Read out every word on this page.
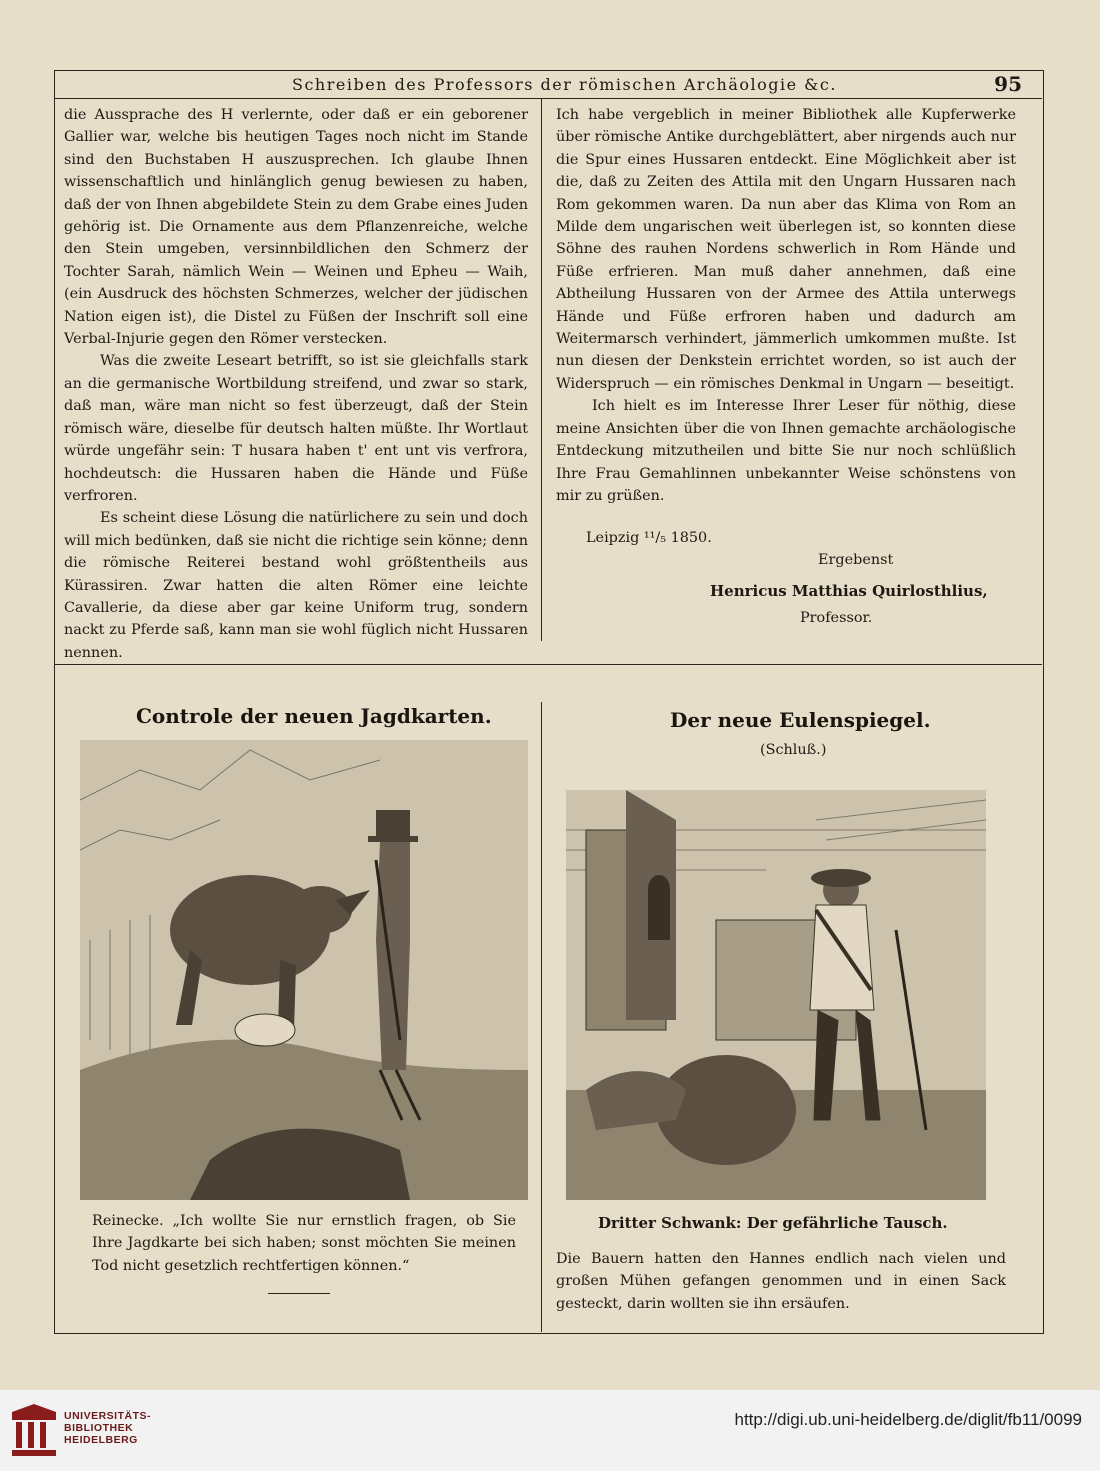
Schreiben des Professors der römischen Archäologie &c.	95

die Aussprache des H verlernte, oder daß er ein geborener Gallier war, welche bis heutigen Tages noch nicht im Stande sind den Buchstaben H auszusprechen. Ich glaube Ihnen wissenschaftlich und hinlänglich genug bewiesen zu haben, daß der von Ihnen abgebildete Stein zu dem Grabe eines Juden gehörig ist. Die Ornamente aus dem Pflanzenreiche, welche den Stein umgeben, versinnbildlichen den Schmerz der Tochter Sarah, nämlich Wein — Weinen und Epheu — Waih, (ein Ausdruck des höchsten Schmerzes, welcher der jüdischen Nation eigen ist), die Distel zu Füßen der Inschrift soll eine Verbal-Injurie gegen den Römer verstecken.

Was die zweite Leseart betrifft, so ist sie gleichfalls stark an die germanische Wortbildung streifend, und zwar so stark, daß man, wäre man nicht so fest überzeugt, daß der Stein römisch wäre, dieselbe für deutsch halten müßte. Ihr Wortlaut würde ungefähr sein: T husara haben t' ent unt vis verfrora, hochdeutsch: die Hussaren haben die Hände und Füße verfroren.

Es scheint diese Lösung die natürlichere zu sein und doch will mich bedünken, daß sie nicht die richtige sein könne; denn die römische Reiterei bestand wohl größtentheils aus Kürassiren. Zwar hatten die alten Römer eine leichte Cavallerie, da diese aber gar keine Uniform trug, sondern nackt zu Pferde saß, kann man sie wohl füglich nicht Hussaren nennen.

Ich habe vergeblich in meiner Bibliothek alle Kupferwerke über römische Antike durchgeblättert, aber nirgends auch nur die Spur eines Hussaren entdeckt. Eine Möglichkeit aber ist die, daß zu Zeiten des Attila mit den Ungarn Hussaren nach Rom gekommen waren. Da nun aber das Klima von Rom an Milde dem ungarischen weit überlegen ist, so konnten diese Söhne des rauhen Nordens schwerlich in Rom Hände und Füße erfrieren. Man muß daher annehmen, daß eine Abtheilung Hussaren von der Armee des Attila unterwegs Hände und Füße erfroren haben und dadurch am Weitermarsch verhindert, jämmerlich umkommen mußte. Ist nun diesen der Denkstein errichtet worden, so ist auch der Widerspruch — ein römisches Denkmal in Ungarn — beseitigt.

Ich hielt es im Interesse Ihrer Leser für nöthig, diese meine Ansichten über die von Ihnen gemachte archäologische Entdeckung mitzutheilen und bitte Sie nur noch schlüßlich Ihre Frau Gemahlinnen unbekannter Weise schönstens von mir zu grüßen.

Leipzig ¹¹/₅ 1850.
Ergebenst
Henricus Matthias Quirlosthlius,
Professor.
Controle der neuen Jagdkarten.
Reinecke. „Ich wollte Sie nur ernstlich fragen, ob Sie Ihre Jagdkarte bei sich haben; sonst möchten Sie meinen Tod nicht gesetzlich rechtfertigen können.“
Der neue Eulenspiegel.
(Schluß.)
Dritter Schwank: Der gefährliche Tausch.
Die Bauern hatten den Hannes endlich nach vielen und großen Mühen gefangen genommen und in einen Sack gesteckt, darin wollten sie ihn ersäufen.
UNIVERSITÄTS-
BIBLIOTHEK
HEIDELBERG
http://digi.ub.uni-heidelberg.de/diglit/fb11/0099
